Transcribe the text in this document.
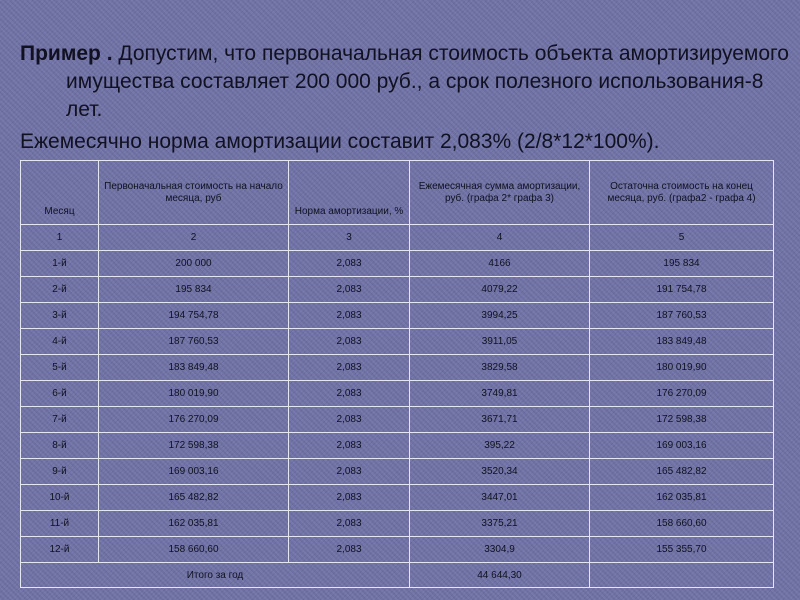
Пример . Допустим, что первоначальная стоимость объекта амортизируемого имущества составляет 200 000 руб., а срок полезного использования-8 лет.

Ежемесячно норма амортизации составит 2,083% (2/8*12*100%).

Месяц	Первоначальная стоимость на начало месяца, руб	Норма амортизации, %	Ежемесячная сумма амортизации, руб. (графа 2* графа 3)	Остаточна стоимость на конец месяца, руб. (графа2 - графа 4)
1	2	3	4	5
1-й	200 000	2,083	4166	195 834
2-й	195 834	2,083	4079,22	191 754,78
3-й	194 754,78	2,083	3994,25	187 760,53
4-й	187 760,53	2,083	3911,05	183 849,48
5-й	183 849,48	2,083	3829,58	180 019,90
6-й	180 019,90	2,083	3749,81	176 270,09
7-й	176 270,09	2,083	3671,71	172 598,38
8-й	172 598,38	2,083	395,22	169 003,16
9-й	169 003,16	2,083	3520,34	165 482,82
10-й	165 482,82	2,083	3447,01	162 035,81
11-й	162 035,81	2,083	3375,21	158 660,60
12-й	158 660,60	2,083	3304,9	155 355,70
Итого за год			44 644,30	
